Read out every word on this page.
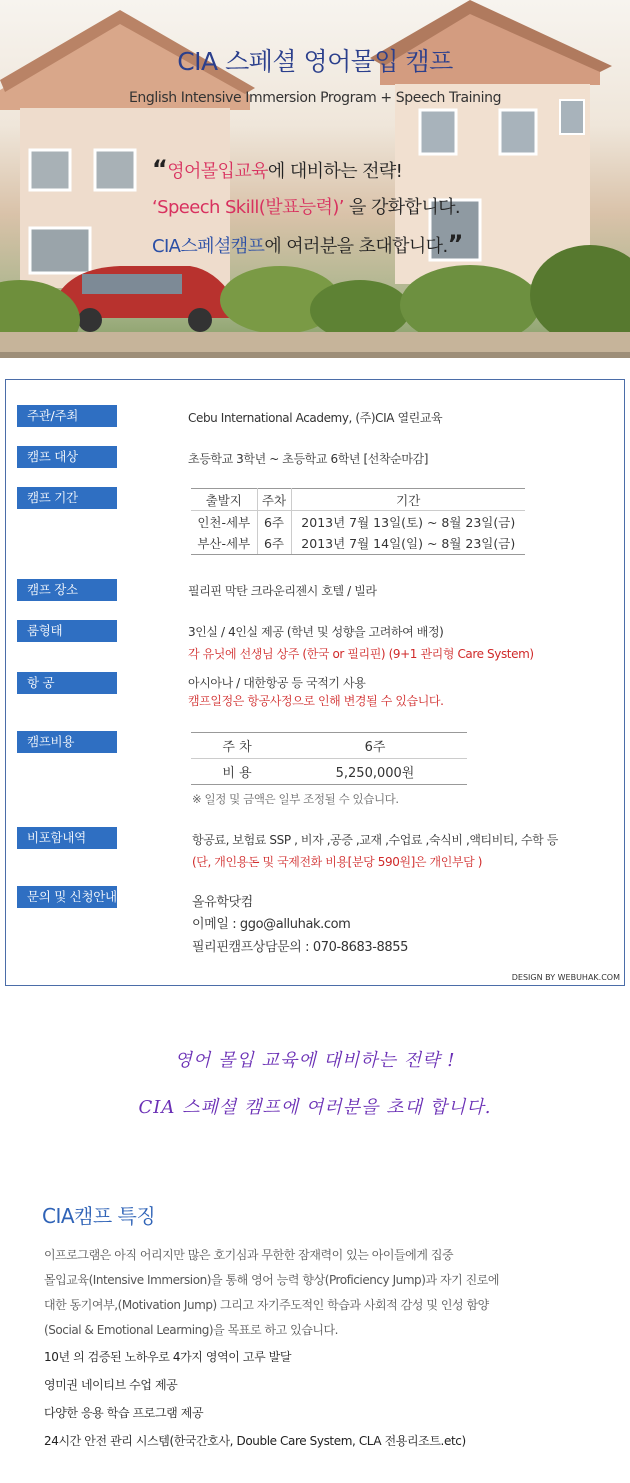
CIA 스페셜 영어몰입 캠프
English Intensive Immersion Program + Speech Training
“영어몰입교육에 대비하는 전략!
‘Speech Skill(발표능력)’ 을 강화합니다.
CIA스페셜캠프에 여러분을 초대합니다.”
주관/주최	Cebu International Academy, (주)CIA 열린교육
캠프 대상	초등학교 3학년 ~ 초등학교 6학년 [선착순마감]
캠프 기간	출발지	주차	기간
인천-세부	6주	2013년 7월 13일(토) ~ 8월 23일(금)
부산-세부	6주	2013년 7월 14일(일) ~ 8월 23일(금)
캠프 장소	필리핀 막탄 크라운리젠시 호텔 / 빌라
룸형태	3인실 / 4인실 제공 (학년 및 성향을 고려하여 배정)
각 유닛에 선생님 상주 (한국 or 필리핀) (9+1 관리형 Care System)
항 공	아시아나 / 대한항공 등 국적기 사용
캠프일정은 항공사정으로 인해 변경될 수 있습니다.
캠프비용	주 차	6주
비 용	5,250,000원
※ 일정 및 금액은 일부 조정될 수 있습니다.
비포함내역	항공료, 보험료 SSP , 비자 ,공증 ,교재 ,수업료 ,숙식비 ,액티비티, 수학 등
(단, 개인용돈 및 국제전화 비용[분당 590원]은 개인부담 )
문의 및 신청안내	올유학닷컴
이메일 : ggo@alluhak.com
필리핀캠프상담문의 : 070-8683-8855
DESIGN BY WEBUHAK.COM
영어 몰입 교육에 대비하는 전략 !
CIA 스페셜 캠프에 여러분을 초대 합니다.
CIA캠프 특징
이프로그램은 아직 어리지만 많은 호기심과 무한한 잠재력이 있는 아이들에게 집중
몰입교육(Intensive Immersion)을 통해 영어 능력 향상(Proficiency Jump)과 자기 진로에
대한 동기여부,(Motivation Jump) 그리고 자기주도적인 학습과 사회적 감성 및 인성 함양
(Social & Emotional Learming)을 목표로 하고 있습니다.
10년 의 검증된 노하우로 4가지 영역이 고루 발달
영미권 네이티브 수업 제공
다양한 응용 학습 프로그램 제공
24시간 안전 관리 시스템(한국간호사, Double Care System, CLA 전용리조트.etc)
